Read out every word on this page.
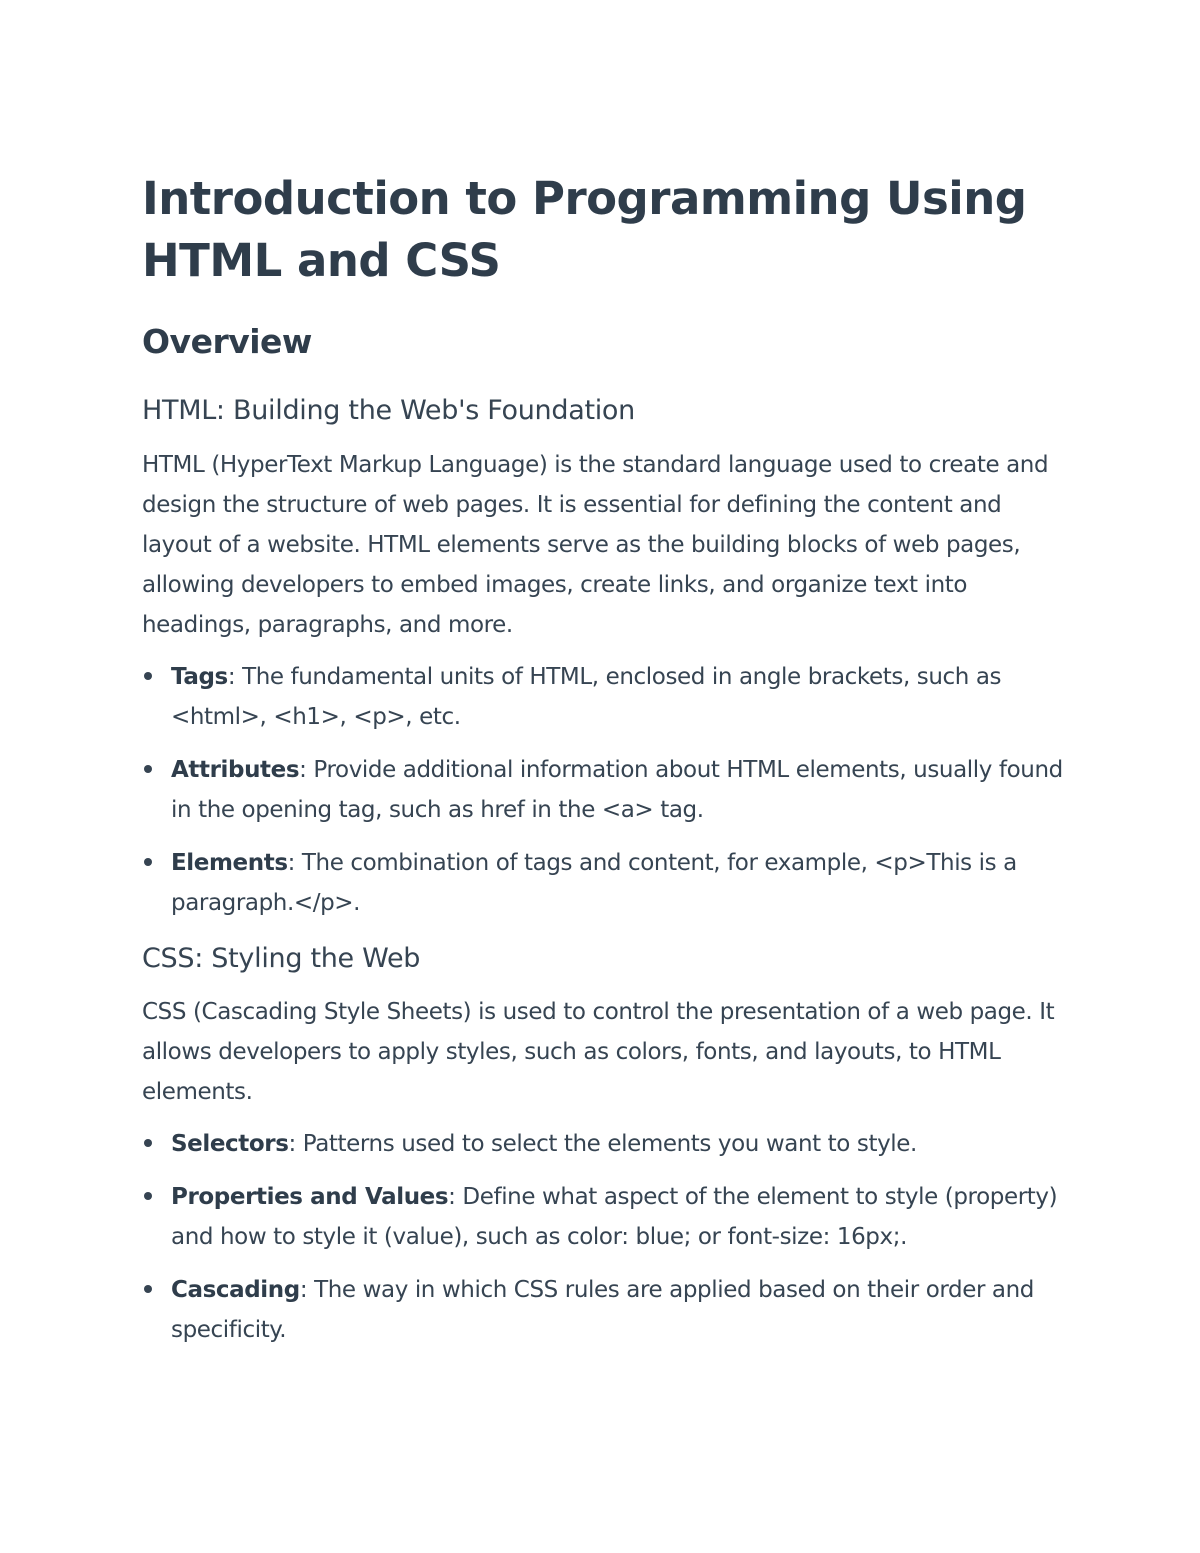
Introduction to Programming Using HTML and CSS
Overview
HTML: Building the Web's Foundation

HTML (HyperText Markup Language) is the standard language used to create and design the structure of web pages. It is essential for defining the content and layout of a website. HTML elements serve as the building blocks of web pages, allowing developers to embed images, create links, and organize text into headings, paragraphs, and more.

Tags: The fundamental units of HTML, enclosed in angle brackets, such as <html>, <h1>, <p>, etc.
Attributes: Provide additional information about HTML elements, usually found in the opening tag, such as href in the <a> tag.
Elements: The combination of tags and content, for example, <p>This is a paragraph.</p>.
CSS: Styling the Web

CSS (Cascading Style Sheets) is used to control the presentation of a web page. It allows developers to apply styles, such as colors, fonts, and layouts, to HTML elements.

Selectors: Patterns used to select the elements you want to style.
Properties and Values: Define what aspect of the element to style (property) and how to style it (value), such as color: blue; or font-size: 16px;.
Cascading: The way in which CSS rules are applied based on their order and specificity.
